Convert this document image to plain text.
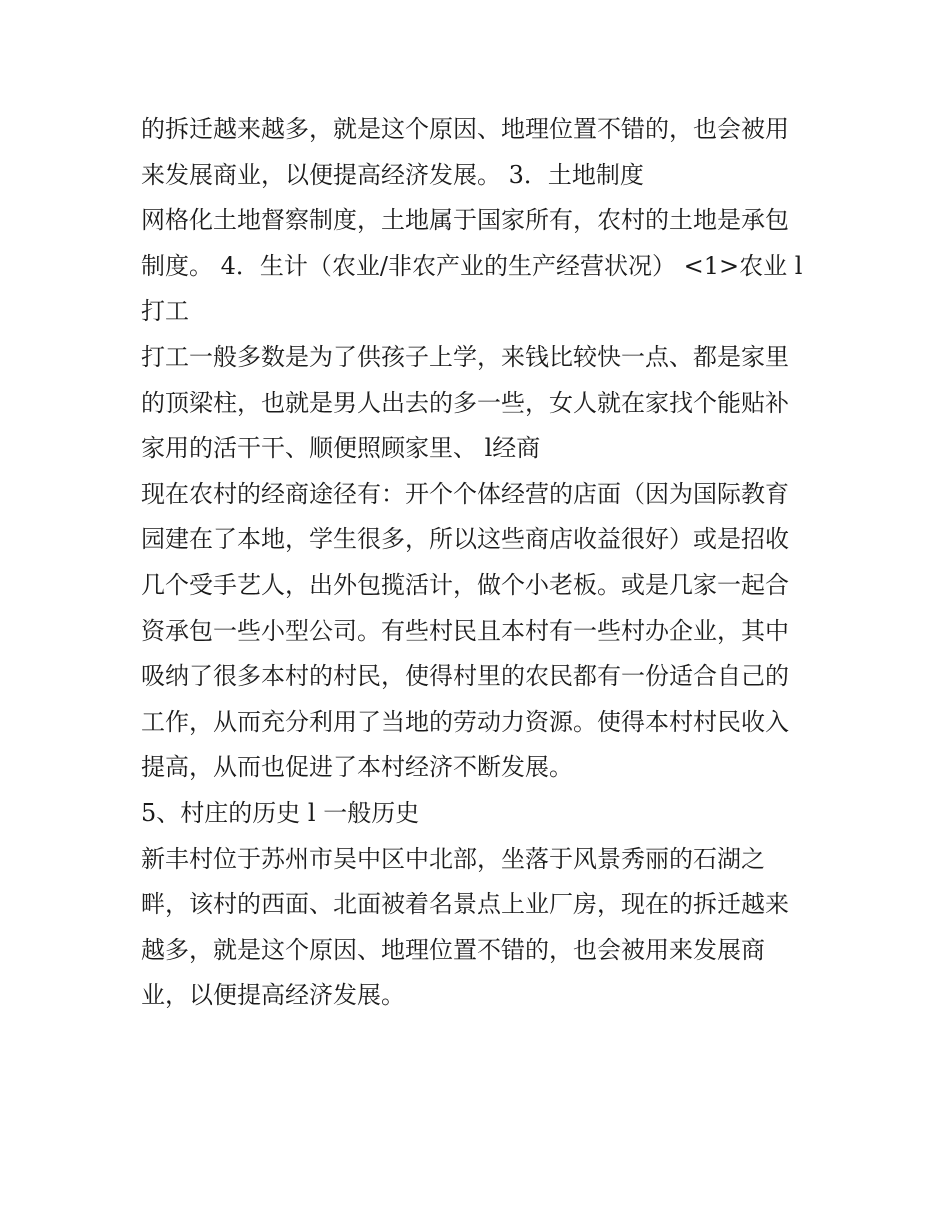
的拆迁越来越多，就是这个原因、地理位置不错的，也会被用
来发展商业，以便提高经济发展。 3．土地制度
网格化土地督察制度，土地属于国家所有，农村的土地是承包
制度。 4．生计（农业/非农产业的生产经营状况） <1>农业 l
打工
打工一般多数是为了供孩子上学，来钱比较快一点、都是家里
的顶梁柱，也就是男人出去的多一些，女人就在家找个能贴补
家用的活干干、顺便照顾家里、 l经商
现在农村的经商途径有：开个个体经营的店面（因为国际教育
园建在了本地，学生很多，所以这些商店收益很好）或是招收
几个受手艺人，出外包揽活计，做个小老板。或是几家一起合
资承包一些小型公司。有些村民且本村有一些村办企业，其中
吸纳了很多本村的村民，使得村里的农民都有一份适合自己的
工作，从而充分利用了当地的劳动力资源。使得本村村民收入
提高，从而也促进了本村经济不断发展。
5、村庄的历史 l 一般历史
新丰村位于苏州市吴中区中北部，坐落于风景秀丽的石湖之
畔，该村的西面、北面被着名景点上业厂房，现在的拆迁越来
越多，就是这个原因、地理位置不错的，也会被用来发展商
业，以便提高经济发展。
